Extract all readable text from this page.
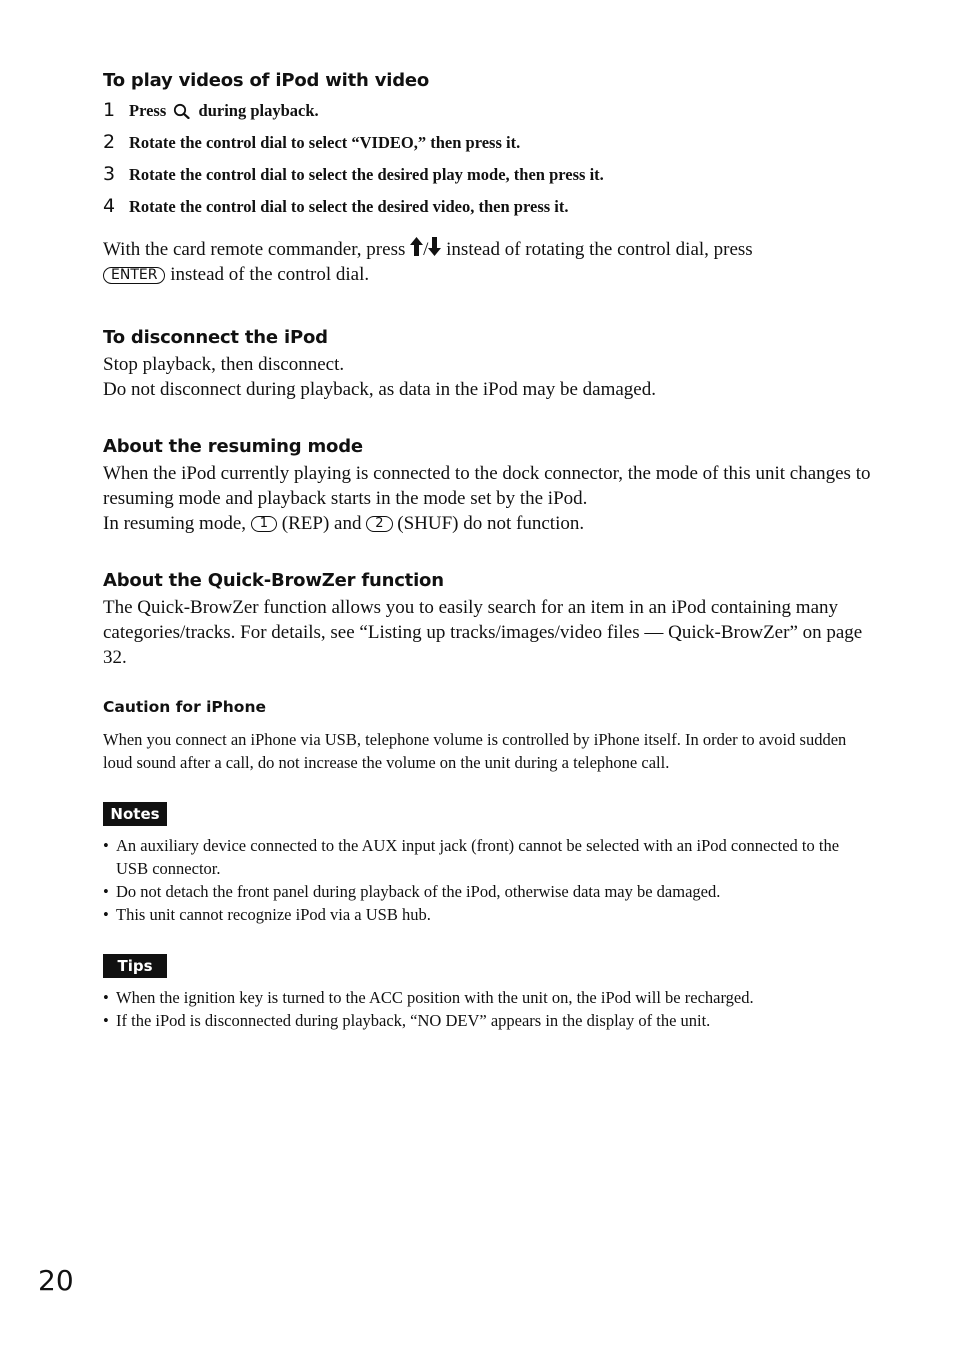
To play videos of iPod with video
1 Press during playback.
2 Rotate the control dial to select “VIDEO,” then press it.
3 Rotate the control dial to select the desired play mode, then press it.
4 Rotate the control dial to select the desired video, then press it.

With the card remote commander, press / instead of rotating the control dial, press
ENTER instead of the control dial.

To disconnect the iPod

Stop playback, then disconnect.

Do not disconnect during playback, as data in the iPod may be damaged.

About the resuming mode

When the iPod currently playing is connected to the dock connector, the mode of this unit changes to resuming mode and playback starts in the mode set by the iPod.

In resuming mode, 1 (REP) and 2 (SHUF) do not function.

About the Quick-BrowZer function

The Quick-BrowZer function allows you to easily search for an item in an iPod containing many categories/tracks. For details, see “Listing up tracks/images/video files — Quick-BrowZer” on page 32.

Caution for iPhone

When you connect an iPhone via USB, telephone volume is controlled by iPhone itself. In order to avoid sudden loud sound after a call, do not increase the volume on the unit during a telephone call.

Notes
• An auxiliary device connected to the AUX input jack (front) cannot be selected with an iPod connected to the USB connector.
• Do not detach the front panel during playback of the iPod, otherwise data may be damaged.
• This unit cannot recognize iPod via a USB hub.
Tips
• When the ignition key is turned to the ACC position with the unit on, the iPod will be recharged.
• If the iPod is disconnected during playback, “NO DEV” appears in the display of the unit.
20
